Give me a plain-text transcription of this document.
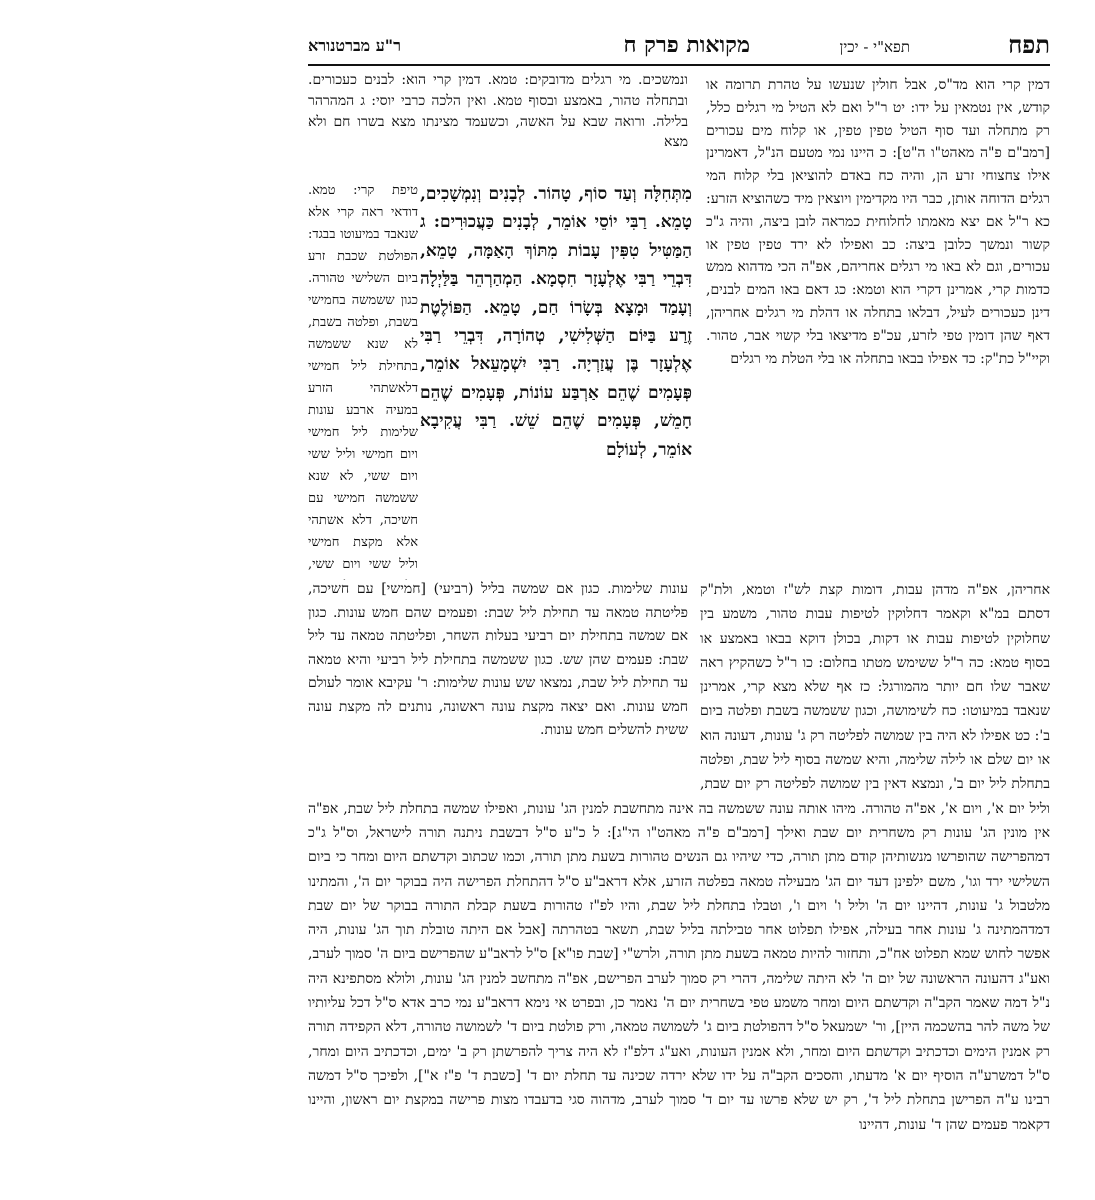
תפח
תפא"י - יכין
מקואות פרק ח
ר"ע מברטנורא
דמין קרי הוא מד"ס, אבל חולין שנעשו על טהרת תרומה או קודש, אין נטמאין על ידו: יט ר"ל ואם לא הטיל מי רגלים כלל, רק מתחלה ועד סוף הטיל טפין טפין, או קלוח מים עכורים [רמב"ם פ"ה מאהט"ו ה"ט]: כ היינו נמי מטעם הנ"ל, דאמרינן אילו צחצוחי זרע הן, והיה כח באדם להוציאן בלי קלוח המי רגלים הדוחה אותן, כבר היו מקדימין ויוצאין מיד כשהוציא הזרע: כא ר"ל אם יצא מאמתו לחלוחית כמראה לובן ביצה, והיה ג"כ קשור ונמשך כלובן ביצה: כב ואפילו לא ירד טפין טפין או עכורים, וגם לא באו מי רגלים אחריהם, אפ"ה הכי מדהוא ממש כדמות קרי, אמרינן דקרי הוא וטמא: כג דאם באו המים לבנים, דינן כעכורים לעיל, דבלאו בתחלה או דהלת מי רגלים אחריהן, דאף שהן דומין טפי לזרע, עכ"פ מדיצאו בלי קשוי אבר, טהור. וקיי"ל כת"ק: כד אפילו בבאו בתחלה או בלי הטלת מי רגלים
ונמשכים. מי רגלים מדובקים: טמא. דמין קרי הוא: לבנים כעכורים. ובתחלה טהור, באמצע ובסוף טמא. ואין הלכה כרבי יוסי: ג המהרהר בלילה. ורואה שבא על האשה, וכשעמד מצינתו מצא בשרו חם ולא מצא
מִתְּחִלָּה וְעַד סוֹף, טָהוֹר. לְבָנִים וְנִמְשָׁכִים, טָמֵא. רַבִּי יוֹסֵי אוֹמֵר, לְבָנִים כַּעֲכוּרִים: ג הַמַּטִּיל טִפִּין עָבוֹת מִתּוֹךְ הָאַמָּה, טָמֵא, דִּבְרֵי רַבִּי אֶלְעָזָר חִסְמָא. הַמְהַרְהֵר בַּלַּיְלָה וְעָמַד וּמָצָא בְּשָׂרוֹ חַם, טָמֵא. הַפּוֹלֶטֶת זֶרַע בַּיּוֹם הַשְּׁלִישִׁי, טְהוֹרָה, דִּבְרֵי רַבִּי אֶלְעָזָר בֶּן עֲזַרְיָה. רַבִּי יִשְׁמָעֵאל אוֹמֵר, פְּעָמִים שֶׁהֵם אַרְבַּע עוֹנוֹת, פְּעָמִים שֶׁהֵם חָמֵשׁ, פְּעָמִים שֶׁהֵם שֵׁשׁ. רַבִּי עֲקִיבָא אוֹמֵר, לְעוֹלָם
טיפת קרי: טמא. דודאי ראה קרי אלא שנאבד במיעוטו בבגד: הפולטת שכבת זרע ביום השלישי טהורה. כגון ששמשה בחמישי בשבת, ופלטה בשבת, לא שנא ששמשה בתחילת ליל חמישי דלאשתהי הזרע במעיה ארבע עונות שלימות ליל חמישי ויום חמישי וליל ששי ויום ששי, לא שנא ששמשה חמישי עם חשיכה, דלא אשתהי אלא מקצת חמישי וליל ששי ויום ששי,
עונות שלימות. כגון אם שמשה בליל (רביעי) [חמישי] עם חשיכה, פליטתה טמאה עד תחילת ליל שבת: ופעמים שהם חמש עונות. כגון אם שמשה בתחילת יום רביעי בעלות השחר, ופליטתה טמאה עד ליל שבת: פעמים שהן שש. כגון ששמשה בתחילת ליל רביעי והיא טמאה עד תחילת ליל שבת, נמצאו שש עונות שלימות: ר' עקיבא אומר לעולם חמש עונות. ואם יצאה מקצת עונה ראשונה, נותנים לה מקצת עונה ששית להשלים חמש עונות.
אחריהן, אפ"ה מדהן עבות, דומות קצת לש"ז וטמא, ולת"ק דסתם במ"א וקאמר דחלוקין לטיפות עבות טהור, משמע בין שחלוקין לטיפות עבות או דקות, בכולן דוקא בבאו באמצע או בסוף טמא: כה ר"ל ששימש מטתו בחלום: כו ר"ל כשהקיץ ראה שאבר שלו חם יותר מהמורגל: כז אף שלא מצא קרי, אמרינן שנאבד במיעוטו: כח לשימושה, וכגון ששמשה בשבת ופלטה ביום ב': כט אפילו לא היה בין שמושה לפליטה רק ג' עונות, דעונה הוא או יום שלם או לילה שלימה, והיא שמשה בסוף ליל שבת, ופלטה בתחלת ליל יום ב', ונמצא דאין בין שמושה לפליטה רק יום שבת, וליל יום א', ויום א', אפ"ה טהורה. מיהו אותה עונה ששמשה בה אינה מתחשבת למנין הג' עונות, ואפילו שמשה בתחלת ליל שבת, אפ"ה אין מונין הג' עונות רק משחרית יום שבת ואילך [רמב"ם פ"ה מאהט"ו הי"ג]: ל כ"ע ס"ל דבשבת ניתנה תורה לישראל, וס"ל ג"כ דמהפרישה שהופרשו מנשותיהן קודם מתן תורה, כדי שיהיו גם הנשים טהורות בשעת מתן תורה, וכמו שכתוב וקדשתם היום ומחר כי ביום השלישי ירד וגו', משם ילפינן דעד יום הג' מבעילה טמאה בפלטה הזרע, אלא דראב"ע ס"ל דהתחלת הפרישה היה בבוקר יום ה', והמתינו מלטבול ג' עונות, דהיינו יום ה' וליל ו' ויום ו', וטבלו בתחלת ליל שבת, והיו לפ"ז טהורות בשעת קבלת התורה בבוקר של יום שבת דמדהמתינה ג' עונות אחר בעילה, אפילו תפלוט אחר טבילתה בליל שבת, תשאר בטהרתה [אבל אם היתה טובלת תוך הג' עונות, היה אפשר לחוש שמא תפלוט אח"כ, ותחזור להיות טמאה בשעת מתן תורה, ולרש"י [שבת פו"א] ס"ל לראב"ע שהפרישם ביום ה' סמוך לערב, ואע"ג דהעונה הראשונה של יום ה' לא היתה שלימה, דהרי רק סמוך לערב הפרישם, אפ"ה מתחשב למנין הג' עונות, ולולא מסתפינא היה נ"ל דמה שאמר הקב"ה וקדשתם היום ומחר משמע טפי בשחרית יום ה' נאמר כן, ובפרט אי נימא דראב"ע נמי כרב אדא ס"ל דכל עליותיו של משה להר בהשכמה היין], ור' ישמעאל ס"ל דהפולטת ביום ג' לשמושה טמאה, ורק פולטת ביום ד' לשמושה טהורה, דלא הקפידה תורה רק אמנין הימים וכדכתיב וקדשתם היום ומחר, ולא אמנין העונות, ואע"ג דלפ"ז לא היה צריך להפרשתן רק ב' ימים, וכדכתיב היום ומחר, ס"ל דמשרע"ה הוסיף יום א' מדעתו, והסכים הקב"ה על ידו שלא ירדה שכינה עד תחלת יום ד' [כשבת ד' פ"ז א"], ולפיכך ס"ל דמשה רבינו ע"ה הפרישן בתחלת ליל ד', רק יש שלא פרשו עד יום ד' סמוך לערב, מדהוה סגי בדעבדו מצות פרישה במקצת יום ראשון, והיינו דקאמר פעמים שהן ד' עונות, דהיינו
